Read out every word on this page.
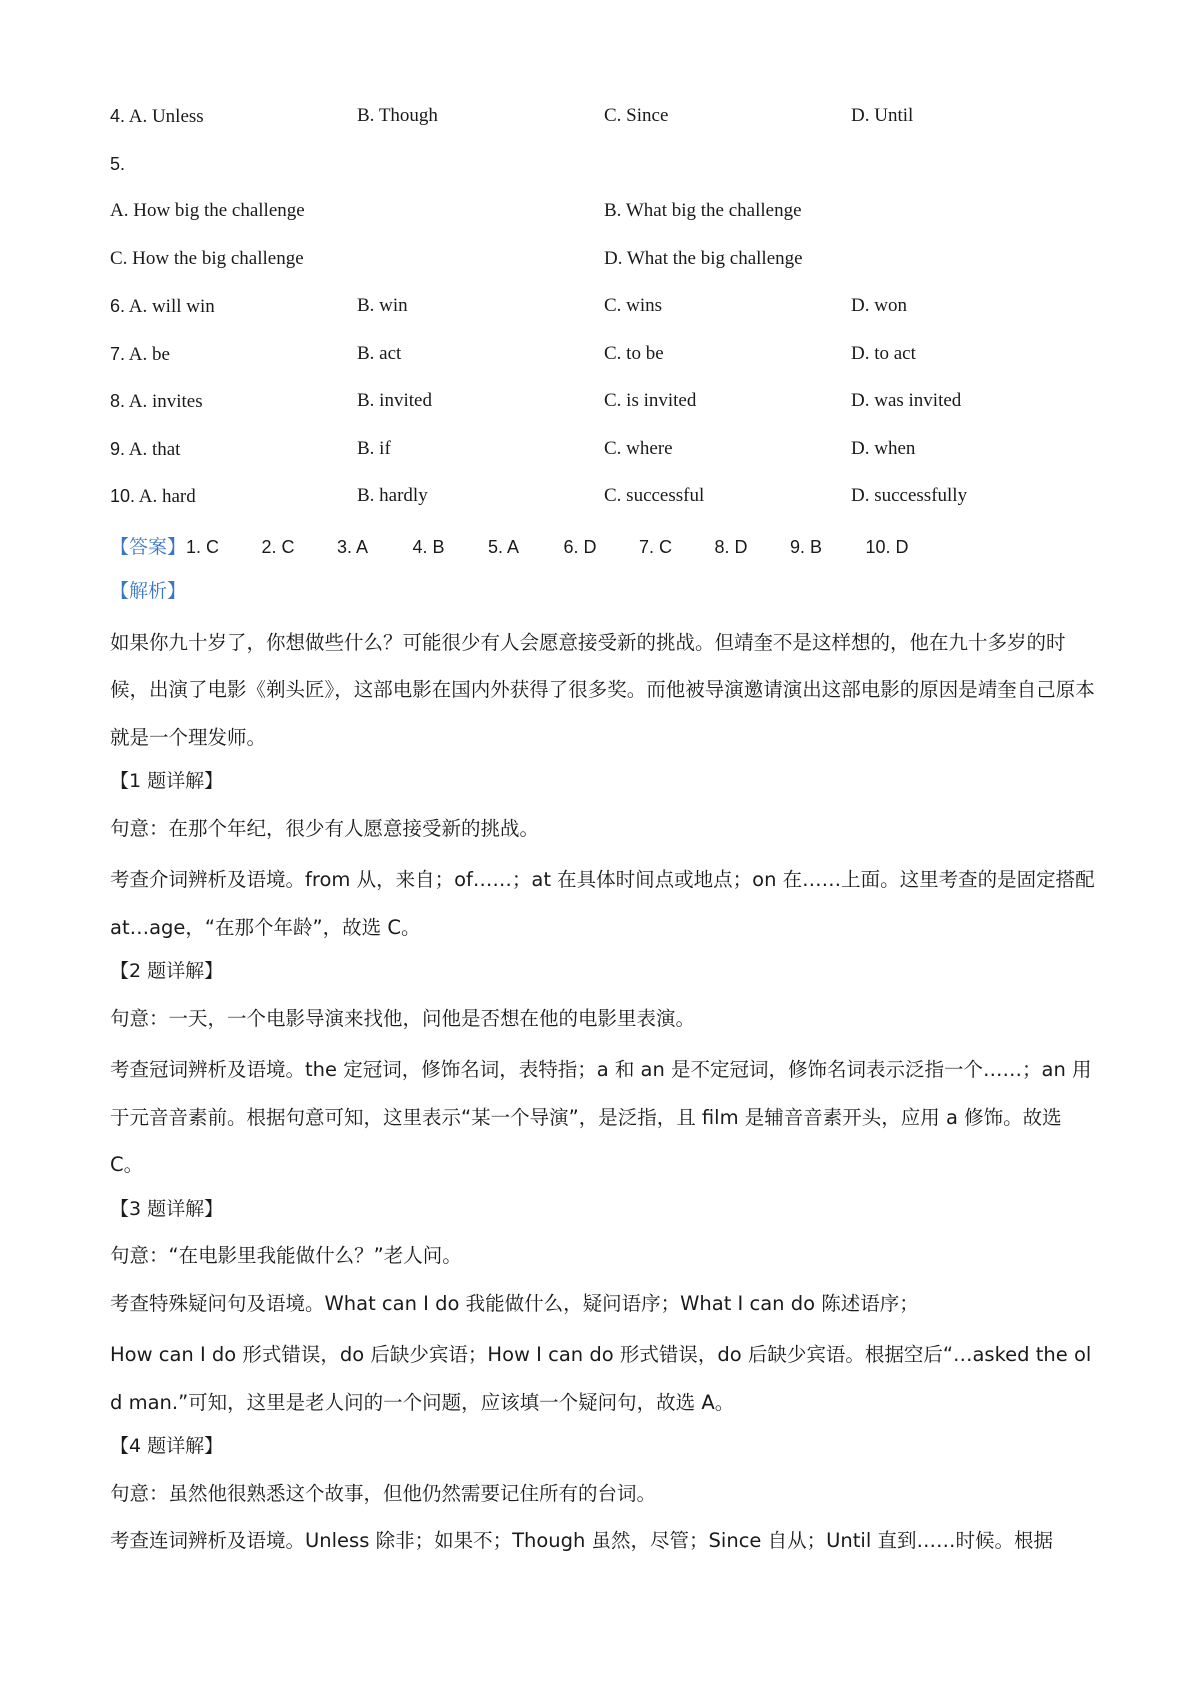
4. A. Unless	B. Though	C. Since	D. Until
5.
A. How big the challenge	B. What big the challenge
C. How the big challenge	D. What the big challenge
6. A. will win	B. win	C. wins	D. won
7. A. be	B. act	C. to be	D. to act
8. A. invites	B. invited	C. is invited	D. was invited
9. A. that	B. if	C. where	D. when
10. A. hard	B. hardly	C. successful	D. successfully
【答案】 1. C	2. C	3. A	4. B	5. A	6. D	7. C	8. D	9. B	10. D
【解析】

如果你九十岁了，你想做些什么？可能很少有人会愿意接受新的挑战。但靖奎不是这样想的，他在九十多岁的时候，出演了电影《剃头匠》，这部电影在国内外获得了很多奖。而他被导演邀请演出这部电影的原因是靖奎自己原本就是一个理发师。

【1 题详解】
句意：在那个年纪，很少有人愿意接受新的挑战。

考查介词辨析及语境。from 从，来自；of……；at 在具体时间点或地点；on 在……上面。这里考查的是固定搭配 at…age，“在那个年龄”，故选 C。

【2 题详解】
句意：一天，一个电影导演来找他，问他是否想在他的电影里表演。

考查冠词辨析及语境。the 定冠词，修饰名词，表特指；a 和 an 是不定冠词，修饰名词表示泛指一个……；an 用于元音音素前。根据句意可知，这里表示“某一个导演”，是泛指，且 film 是辅音音素开头，应用 a 修饰。故选 C。

【3 题详解】
句意：“在电影里我能做什么？”老人问。
考查特殊疑问句及语境。What can I do 我能做什么，疑问语序；What I can do 陈述语序；

How can I do 形式错误，do 后缺少宾语；How I can do 形式错误，do 后缺少宾语。根据空后“…asked the old man.”可知，这里是老人问的一个问题，应该填一个疑问句，故选 A。

【4 题详解】
句意：虽然他很熟悉这个故事，但他仍然需要记住所有的台词。
考查连词辨析及语境。Unless 除非；如果不；Though 虽然，尽管；Since 自从；Until 直到……时候。根据
